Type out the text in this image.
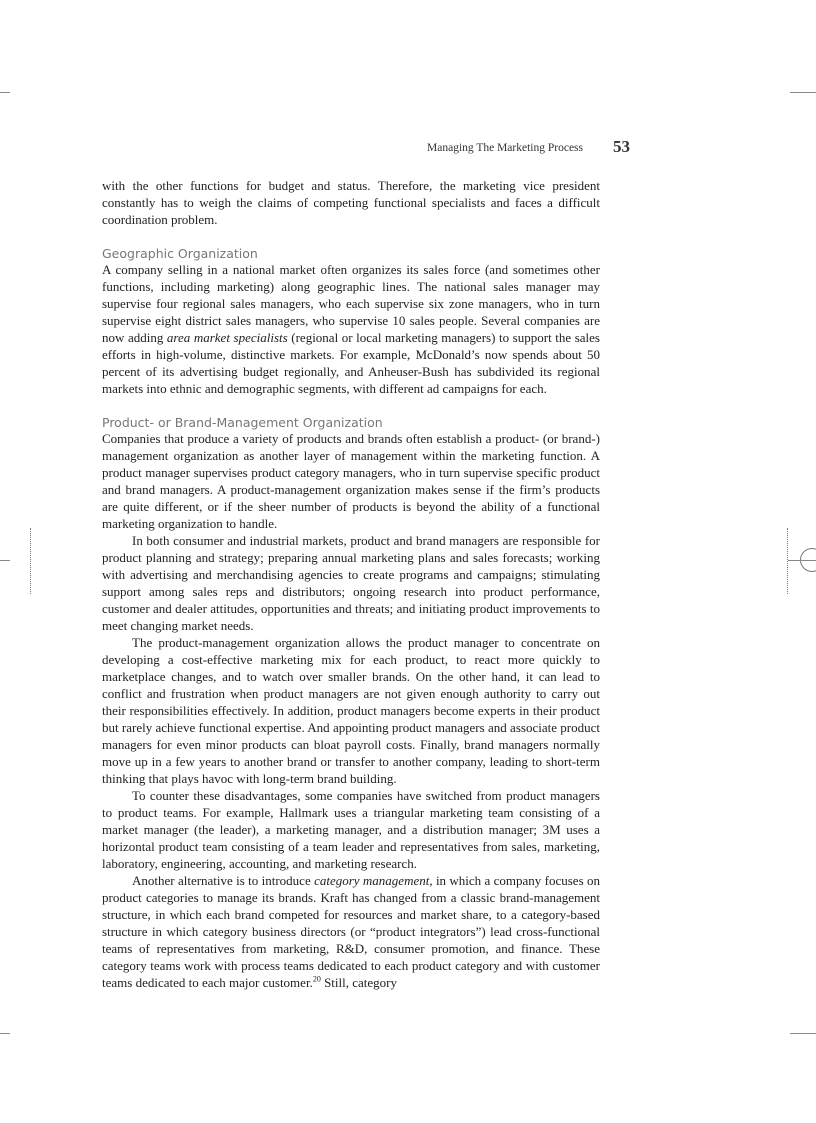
Managing The Marketing Process 53

with the other functions for budget and status. Therefore, the marketing vice president constantly has to weigh the claims of competing functional specialists and faces a difficult coordination problem.

Geographic Organization

A company selling in a national market often organizes its sales force (and sometimes other functions, including marketing) along geographic lines. The national sales manager may supervise four regional sales managers, who each supervise six zone managers, who in turn supervise eight district sales managers, who supervise 10 sales people. Several companies are now adding area market specialists (regional or local marketing managers) to support the sales efforts in high-volume, distinctive markets. For example, McDonald’s now spends about 50 percent of its advertising budget regionally, and Anheuser-Bush has subdivided its regional markets into ethnic and demographic segments, with different ad campaigns for each.

Product- or Brand-Management Organization

Companies that produce a variety of products and brands often establish a product- (or brand-) management organization as another layer of management within the marketing function. A product manager supervises product category managers, who in turn supervise specific product and brand managers. A product-management organization makes sense if the firm’s products are quite different, or if the sheer number of products is beyond the ability of a functional marketing organization to handle.

In both consumer and industrial markets, product and brand managers are responsible for product planning and strategy; preparing annual marketing plans and sales forecasts; working with advertising and merchandising agencies to create programs and campaigns; stimulating support among sales reps and distributors; ongoing research into product performance, customer and dealer attitudes, opportunities and threats; and initiating product improvements to meet changing market needs.

The product-management organization allows the product manager to concentrate on developing a cost-effective marketing mix for each product, to react more quickly to marketplace changes, and to watch over smaller brands. On the other hand, it can lead to conflict and frustration when product managers are not given enough authority to carry out their responsibilities effectively. In addition, product managers become experts in their product but rarely achieve functional expertise. And appointing product managers and associate product managers for even minor products can bloat payroll costs. Finally, brand managers normally move up in a few years to another brand or transfer to another company, leading to short-term thinking that plays havoc with long-term brand building.

To counter these disadvantages, some companies have switched from product managers to product teams. For example, Hallmark uses a triangular marketing team consisting of a market manager (the leader), a marketing manager, and a distribution manager; 3M uses a horizontal product team consisting of a team leader and representatives from sales, marketing, laboratory, engineering, accounting, and marketing research.

Another alternative is to introduce category management, in which a company focuses on product categories to manage its brands. Kraft has changed from a classic brand-management structure, in which each brand competed for resources and market share, to a category-based structure in which category business directors (or “product integrators”) lead cross-functional teams of representatives from marketing, R&D, consumer promotion, and finance. These category teams work with process teams dedicated to each product category and with customer teams dedicated to each major customer.$^{20}$ Still, category
